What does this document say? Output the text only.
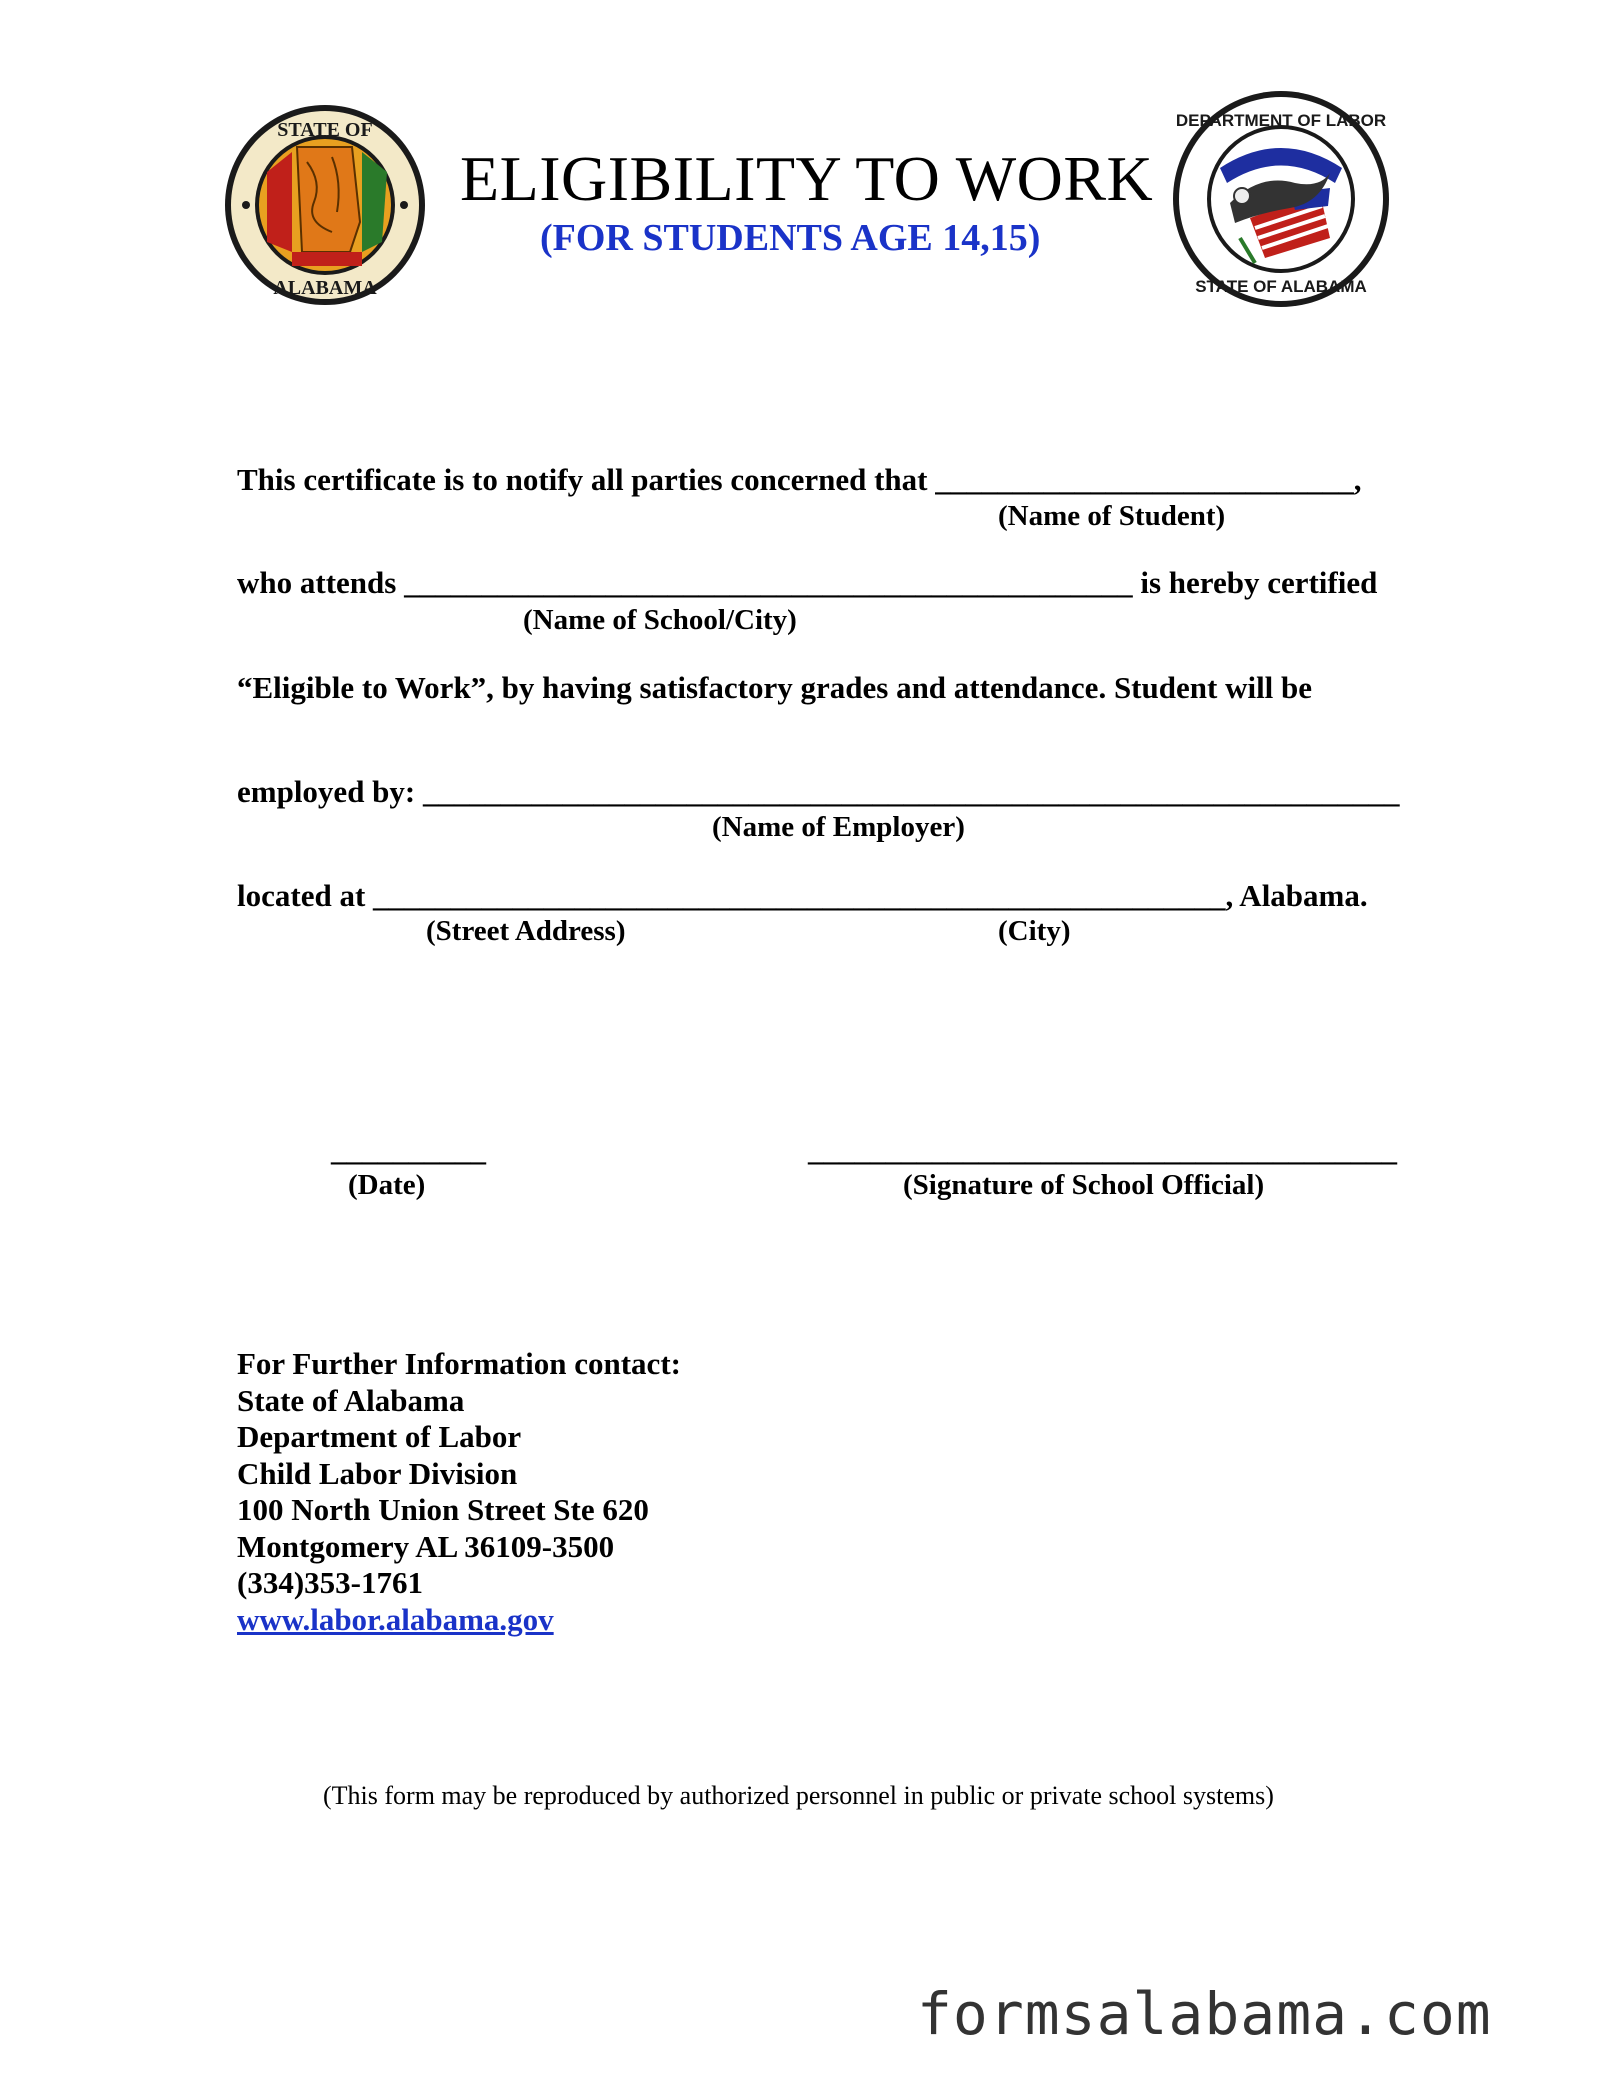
STATE OF
ALABAMA
DEPARTMENT OF LABOR
STATE OF ALABAMA
ELIGIBILITY TO WORK
(FOR STUDENTS AGE 14,15)
This certificate is to notify all parties concerned that ___________________________,
(Name of Student)
who attends _______________________________________________ is hereby certified
(Name of School/City)
“Eligible to Work”, by having satisfactory grades and attendance. Student will be
employed by: _______________________________________________________________
(Name of Employer)
located at _______________________________________________________, Alabama.
(Street Address)	(City)
__________
(Date)
______________________________________
(Signature of School Official)
For Further Information contact:
State of Alabama
Department of Labor
Child Labor Division
100 North Union Street Ste 620
Montgomery AL 36109-3500
(334)353-1761
www.labor.alabama.gov
(This form may be reproduced by authorized personnel in public or private school systems)
formsalabama.com
